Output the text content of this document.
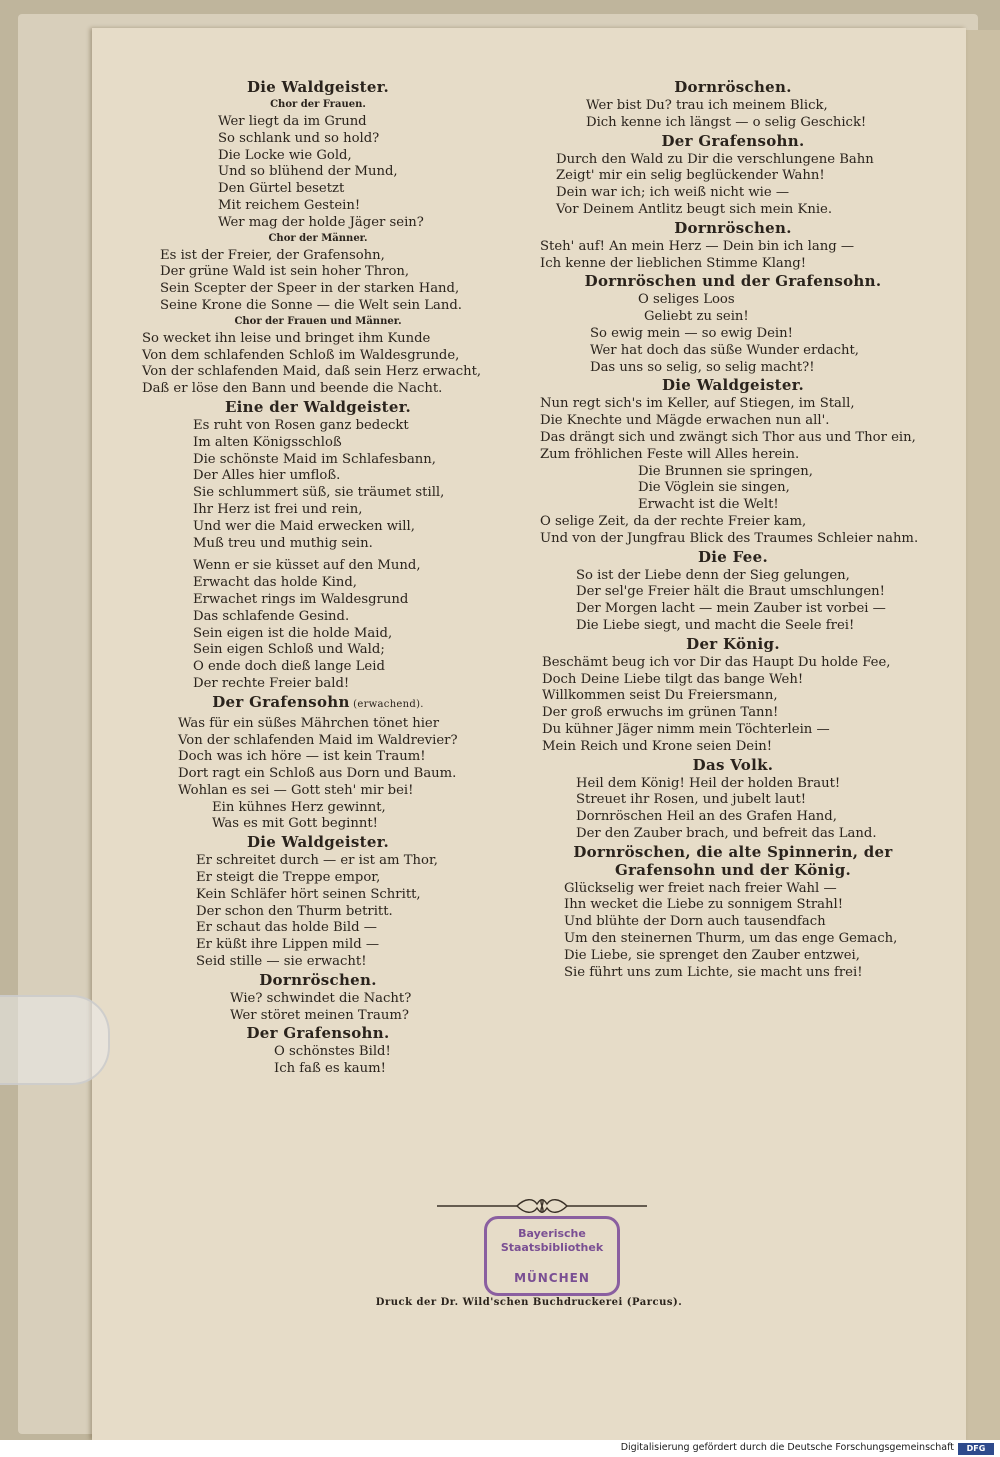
Die Waldgeister.
Chor der Frauen.
Wer liegt da im Grund
So schlank und so hold?
Die Locke wie Gold,
Und so blühend der Mund,
Den Gürtel besetzt
Mit reichem Gestein!
Wer mag der holde Jäger sein?
Chor der Männer.
Es ist der Freier, der Grafensohn,
Der grüne Wald ist sein hoher Thron,
Sein Scepter der Speer in der starken Hand,
Seine Krone die Sonne — die Welt sein Land.
Chor der Frauen und Männer.
So wecket ihn leise und bringet ihm Kunde
Von dem schlafenden Schloß im Waldesgrunde,
Von der schlafenden Maid, daß sein Herz erwacht,
Daß er löse den Bann und beende die Nacht.
Eine der Waldgeister.
Es ruht von Rosen ganz bedeckt
Im alten Königsschloß
Die schönste Maid im Schlafesbann,
Der Alles hier umfloß.
Sie schlummert süß, sie träumet still,
Ihr Herz ist frei und rein,
Und wer die Maid erwecken will,
Muß treu und muthig sein.
Wenn er sie küsset auf den Mund,
Erwacht das holde Kind,
Erwachet rings im Waldesgrund
Das schlafende Gesind.
Sein eigen ist die holde Maid,
Sein eigen Schloß und Wald;
O ende doch dieß lange Leid
Der rechte Freier bald!
Der Grafensohn (erwachend).
Was für ein süßes Mährchen tönet hier
Von der schlafenden Maid im Waldrevier?
Doch was ich höre — ist kein Traum!
Dort ragt ein Schloß aus Dorn und Baum.
Wohlan es sei — Gott steh' mir bei!
Ein kühnes Herz gewinnt,
Was es mit Gott beginnt!
Die Waldgeister.
Er schreitet durch — er ist am Thor,
Er steigt die Treppe empor,
Kein Schläfer hört seinen Schritt,
Der schon den Thurm betritt.
Er schaut das holde Bild —
Er küßt ihre Lippen mild —
Seid stille — sie erwacht!
Dornröschen.
Wie? schwindet die Nacht?
Wer störet meinen Traum?
Der Grafensohn.
O schönstes Bild!
Ich faß es kaum!
Dornröschen.
Wer bist Du? trau ich meinem Blick,
Dich kenne ich längst — o selig Geschick!
Der Grafensohn.
Durch den Wald zu Dir die verschlungene Bahn
Zeigt' mir ein selig beglückender Wahn!
Dein war ich; ich weiß nicht wie —
Vor Deinem Antlitz beugt sich mein Knie.
Dornröschen.
Steh' auf! An mein Herz — Dein bin ich lang —
Ich kenne der lieblichen Stimme Klang!
Dornröschen und der Grafensohn.
O seliges Loos
Geliebt zu sein!
So ewig mein — so ewig Dein!
Wer hat doch das süße Wunder erdacht,
Das uns so selig, so selig macht?!
Die Waldgeister.
Nun regt sich's im Keller, auf Stiegen, im Stall,
Die Knechte und Mägde erwachen nun all'.
Das drängt sich und zwängt sich Thor aus und Thor ein,
Zum fröhlichen Feste will Alles herein.
Die Brunnen sie springen,
Die Vöglein sie singen,
Erwacht ist die Welt!
O selige Zeit, da der rechte Freier kam,
Und von der Jungfrau Blick des Traumes Schleier nahm.
Die Fee.
So ist der Liebe denn der Sieg gelungen,
Der sel'ge Freier hält die Braut umschlungen!
Der Morgen lacht — mein Zauber ist vorbei —
Die Liebe siegt, und macht die Seele frei!
Der König.
Beschämt beug ich vor Dir das Haupt Du holde Fee,
Doch Deine Liebe tilgt das bange Weh!
Willkommen seist Du Freiersmann,
Der groß erwuchs im grünen Tann!
Du kühner Jäger nimm mein Töchterlein —
Mein Reich und Krone seien Dein!
Das Volk.
Heil dem König! Heil der holden Braut!
Streuet ihr Rosen, und jubelt laut!
Dornröschen Heil an des Grafen Hand,
Der den Zauber brach, und befreit das Land.
Dornröschen, die alte Spinnerin, der Grafensohn und der König.
Glückselig wer freiet nach freier Wahl —
Ihn wecket die Liebe zu sonnigem Strahl!
Und blühte der Dorn auch tausendfach
Um den steinernen Thurm, um das enge Gemach,
Die Liebe, sie sprenget den Zauber entzwei,
Sie führt uns zum Lichte, sie macht uns frei!
Bayerische
Staatsbibliothek
MÜNCHEN
Druck der Dr. Wild'schen Buchdruckerei (Parcus).
Digitalisierung gefördert durch die Deutsche Forschungsgemeinschaft	DFG
